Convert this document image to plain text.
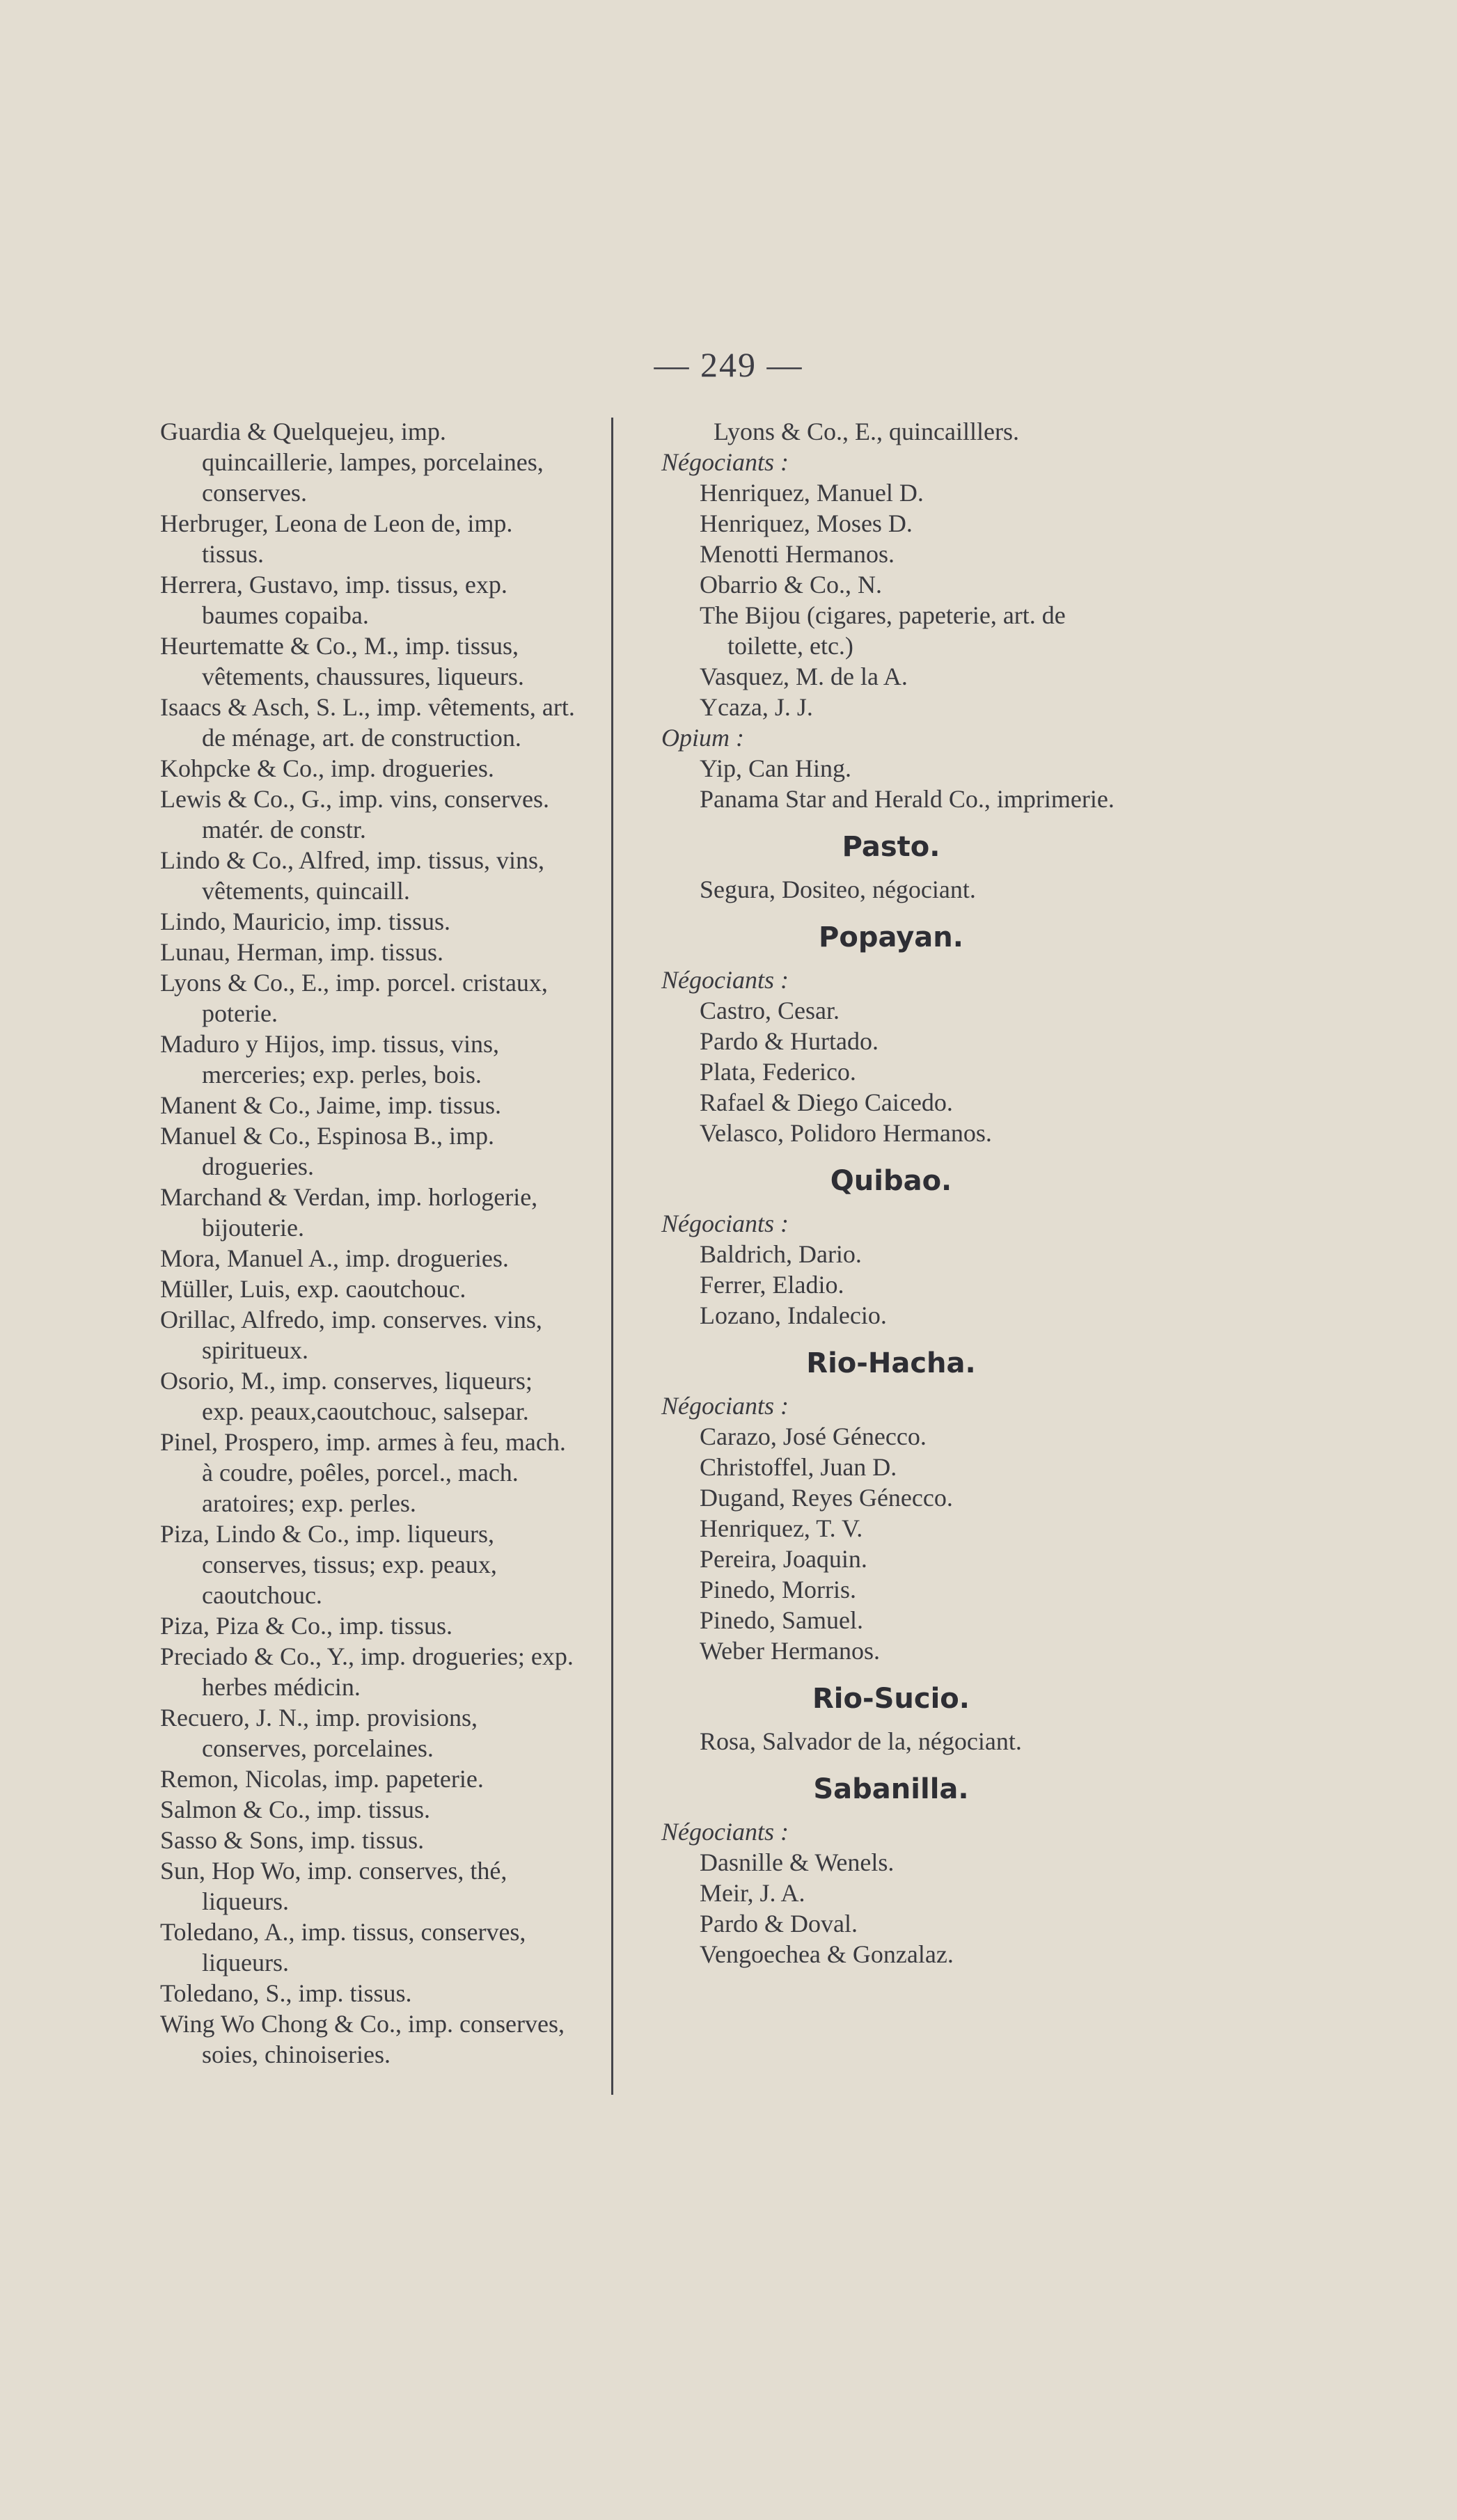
— 249 —

Guardia & Quelquejeu, imp. quincaillerie, lampes, porcelaines, conserves.

Herbruger, Leona de Leon de, imp. tissus.

Herrera, Gustavo, imp. tissus, exp. baumes copaiba.

Heurtematte & Co., M., imp. tissus, vêtements, chaussures, liqueurs.

Isaacs & Asch, S. L., imp. vêtements, art. de ménage, art. de construction.

Kohpcke & Co., imp. drogueries.

Lewis & Co., G., imp. vins, conserves. matér. de constr.

Lindo & Co., Alfred, imp. tissus, vins, vêtements, quincaill.

Lindo, Mauricio, imp. tissus.

Lunau, Herman, imp. tissus.

Lyons & Co., E., imp. porcel. cristaux, poterie.

Maduro y Hijos, imp. tissus, vins, merceries; exp. perles, bois.

Manent & Co., Jaime, imp. tissus.

Manuel & Co., Espinosa B., imp. drogueries.

Marchand & Verdan, imp. horlogerie, bijouterie.

Mora, Manuel A., imp. drogueries.

Müller, Luis, exp. caoutchouc.

Orillac, Alfredo, imp. conserves. vins, spiritueux.

Osorio, M., imp. conserves, liqueurs; exp. peaux,caoutchouc, salsepar.

Pinel, Prospero, imp. armes à feu, mach. à coudre, poêles, porcel., mach. aratoires; exp. perles.

Piza, Lindo & Co., imp. liqueurs, conserves, tissus; exp. peaux, caoutchouc.

Piza, Piza & Co., imp. tissus.

Preciado & Co., Y., imp. drogueries; exp. herbes médicin.

Recuero, J. N., imp. provisions, conserves, porcelaines.

Remon, Nicolas, imp. papeterie.

Salmon & Co., imp. tissus.

Sasso & Sons, imp. tissus.

Sun, Hop Wo, imp. conserves, thé, liqueurs.

Toledano, A., imp. tissus, conserves, liqueurs.

Toledano, S., imp. tissus.

Wing Wo Chong & Co., imp. conserves, soies, chinoiseries.

Lyons & Co., E., quincailllers.

Négociants :

Henriquez, Manuel D.

Henriquez, Moses D.

Menotti Hermanos.

Obarrio & Co., N.

The Bijou (cigares, papeterie, art. de toilette, etc.)

Vasquez, M. de la A.

Ycaza, J. J.

Opium :

Yip, Can Hing.

Panama Star and Herald Co., imprimerie.

Pasto.

Segura, Dositeo, négociant.

Popayan.

Négociants :

Castro, Cesar.

Pardo & Hurtado.

Plata, Federico.

Rafael & Diego Caicedo.

Velasco, Polidoro Hermanos.

Quibao.

Négociants :

Baldrich, Dario.

Ferrer, Eladio.

Lozano, Indalecio.

Rio-Hacha.

Négociants :

Carazo, José Génecco.

Christoffel, Juan D.

Dugand, Reyes Génecco.

Henriquez, T. V.

Pereira, Joaquin.

Pinedo, Morris.

Pinedo, Samuel.

Weber Hermanos.

Rio-Sucio.

Rosa, Salvador de la, négociant.

Sabanilla.

Négociants :

Dasnille & Wenels.

Meir, J. A.

Pardo & Doval.

Vengoechea & Gonzalaz.
